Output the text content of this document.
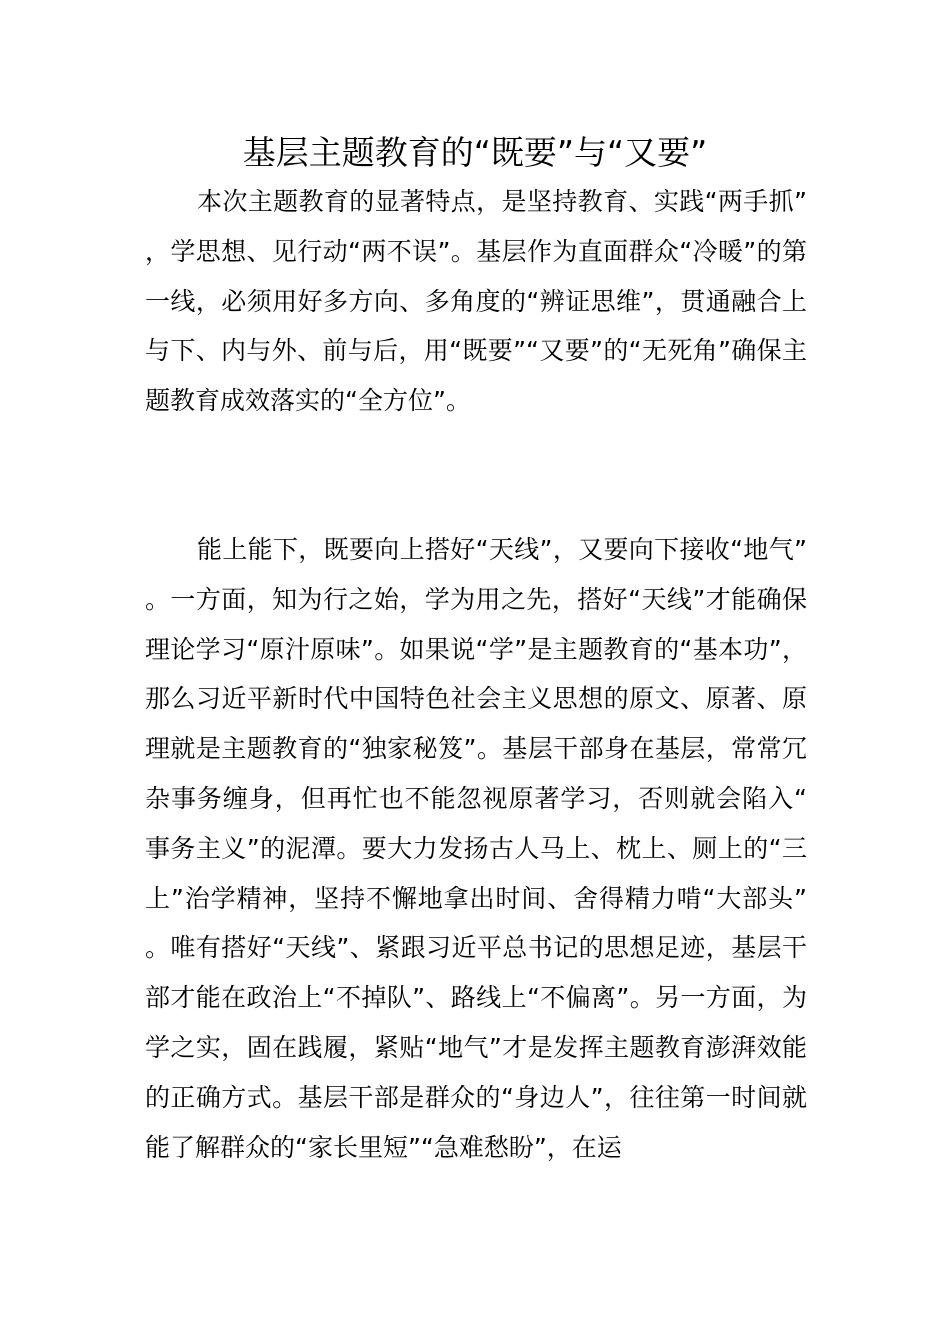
基层主题教育的“既要”与“又要”

本次主题教育的显著特点，是坚持教育、实践“两手抓”，学思想、见行动“两不误”。基层作为直面群众“冷暖”的第一线，必须用好多方向、多角度的“辨证思维”，贯通融合上与下、内与外、前与后，用“既要”“又要”的“无死角”确保主题教育成效落实的“全方位”。

能上能下，既要向上搭好“天线”，又要向下接收“地气”。一方面，知为行之始，学为用之先，搭好“天线”才能确保理论学习“原汁原味”。如果说“学”是主题教育的“基本功”，那么习近平新时代中国特色社会主义思想的原文、原著、原理就是主题教育的“独家秘笈”。基层干部身在基层，常常冗杂事务缠身，但再忙也不能忽视原著学习，否则就会陷入“事务主义”的泥潭。要大力发扬古人马上、枕上、厕上的“三上”治学精神，坚持不懈地拿出时间、舍得精力啃“大部头”。唯有搭好“天线”、紧跟习近平总书记的思想足迹，基层干部才能在政治上“不掉队”、路线上“不偏离”。另一方面，为学之实，固在践履，紧贴“地气”才是发挥主题教育澎湃效能的正确方式。基层干部是群众的“身边人”，往往第一时间就能了解群众的“家长里短”“急难愁盼”，在运
